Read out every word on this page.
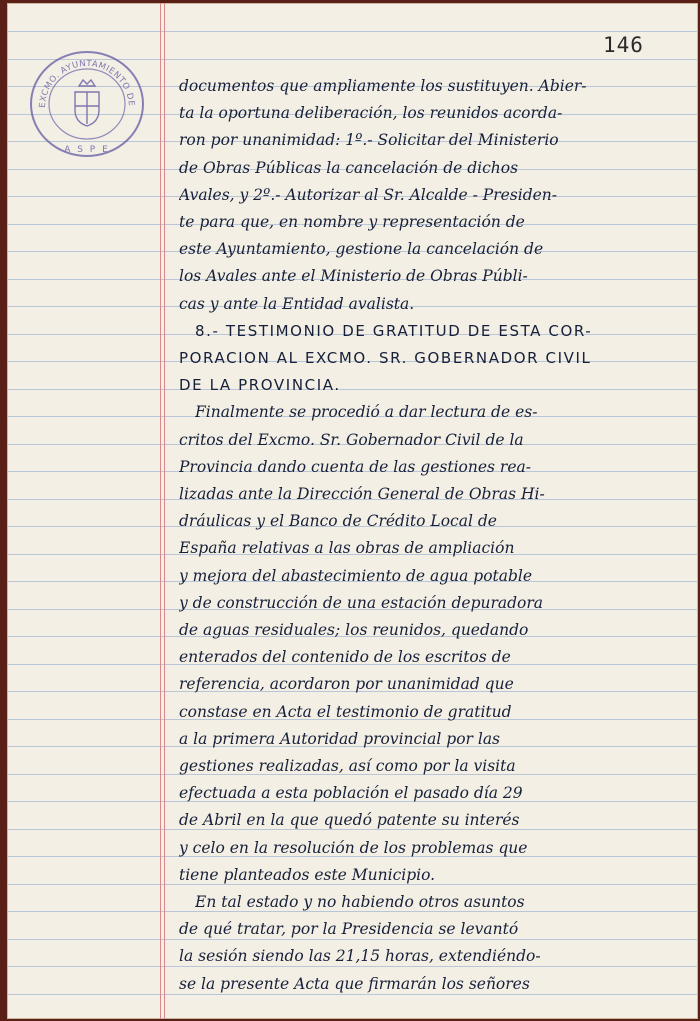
146
EXCMO. AYUNTAMIENTO DE
A S P E
documentos que ampliamente los sustituyen. Abier-
ta la oportuna deliberación, los reunidos acorda-
ron por unanimidad: 1º.- Solicitar del Ministerio
de Obras Públicas la cancelación de dichos
Avales, y 2º.- Autorizar al Sr. Alcalde - Presiden-
te para que, en nombre y representación de
este Ayuntamiento, gestione la cancelación de
los Avales ante el Ministerio de Obras Públi-
cas y ante la Entidad avalista.
8.- TESTIMONIO DE GRATITUD DE ESTA COR-
PORACION AL EXCMO. SR. GOBERNADOR CIVIL
DE LA PROVINCIA.
Finalmente se procedió a dar lectura de es-
critos del Excmo. Sr. Gobernador Civil de la
Provincia dando cuenta de las gestiones rea-
lizadas ante la Dirección General de Obras Hi-
dráulicas y el Banco de Crédito Local de
España relativas a las obras de ampliación
y mejora del abastecimiento de agua potable
y de construcción de una estación depuradora
de aguas residuales; los reunidos, quedando
enterados del contenido de los escritos de
referencia, acordaron por unanimidad que
constase en Acta el testimonio de gratitud
a la primera Autoridad provincial por las
gestiones realizadas, así como por la visita
efectuada a esta población el pasado día 29
de Abril en la que quedó patente su interés
y celo en la resolución de los problemas que
tiene planteados este Municipio.
En tal estado y no habiendo otros asuntos
de qué tratar, por la Presidencia se levantó
la sesión siendo las 21,15 horas, extendiéndo-
se la presente Acta que firmarán los señores
